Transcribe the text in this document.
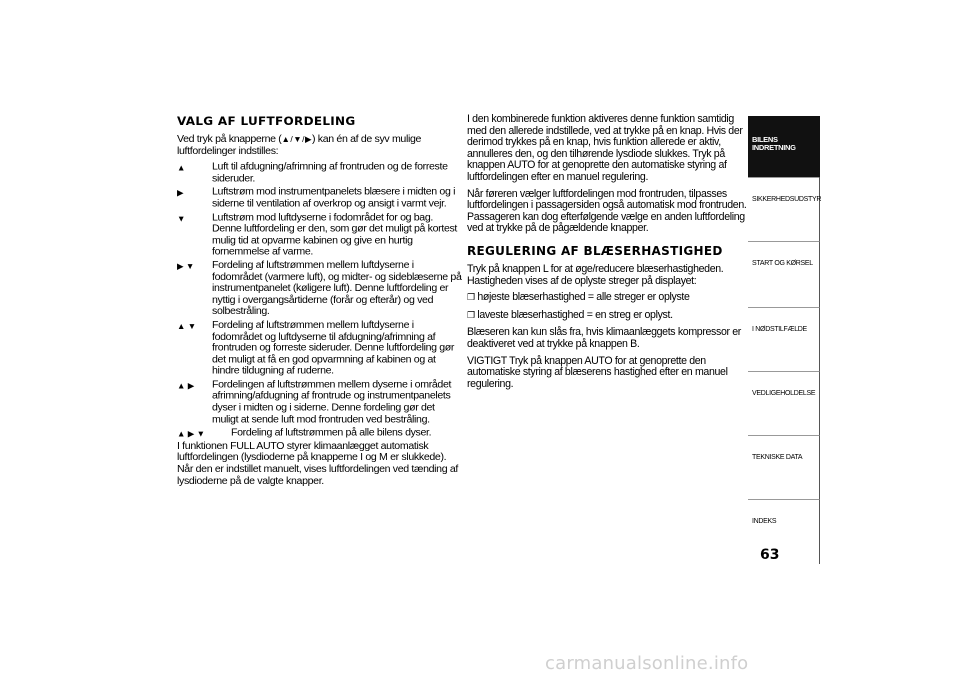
VALG AF LUFTFORDELING

Ved tryk på knapperne (▲/▼/▶) kan én af de syv mulige luftfordelinger indstilles:

▲	Luft til afdugning/afrimning af frontruden og de forreste sideruder.
▶	Luftstrøm mod instrumentpanelets blæsere i midten og i siderne til ventilation af overkrop og ansigt i varmt vejr.
▼	Luftstrøm mod luftdyserne i fodområdet for og bag. Denne luftfordeling er den, som gør det muligt på kortest mulig tid at opvarme kabinen og give en hurtig fornemmelse af varme.
▶ ▼ Fordeling af luftstrømmen mellem luftdyserne i fodområdet (varmere luft), og midter- og sideblæserne på instrumentpanelet (køligere luft). Denne luftfordeling er nyttig i overgangsårtiderne (forår og efterår) og ved solbestråling.
▲ ▼ Fordeling af luftstrømmen mellem luftdyserne i fodområdet og luftdyserne til afdugning/afrimning af frontruden og forreste sideruder. Denne luftfordeling gør det muligt at få en god opvarmning af kabinen og at hindre tildugning af ruderne.
▲ ▶ Fordelingen af luftstrømmen mellem dyserne i området afrimning/afdugning af frontrude og instrumentpanelets dyser i midten og i siderne. Denne fordeling gør det muligt at sende luft mod frontruden ved bestråling.
▲ ▶ ▼ Fordeling af luftstrømmen på alle bilens dyser.

I funktionen FULL AUTO styrer klimaanlægget automatisk luftfordelingen (lysdioderne på knapperne I og M er slukkede). Når den er indstillet manuelt, vises luftfordelingen ved tænding af lysdioderne på de valgte knapper.

I den kombinerede funktion aktiveres denne funktion samtidig med den allerede indstillede, ved at trykke på en knap. Hvis der derimod trykkes på en knap, hvis funktion allerede er aktiv, annulleres den, og den tilhørende lysdiode slukkes. Tryk på knappen AUTO for at genoprette den automatiske styring af luftfordelingen efter en manuel regulering.

Når føreren vælger luftfordelingen mod frontruden, tilpasses luftfordelingen i passagersiden også automatisk mod frontruden. Passageren kan dog efterfølgende vælge en anden luftfordeling ved at trykke på de pågældende knapper.

REGULERING AF BLÆSERHASTIGHED

Tryk på knappen L for at øge/reducere blæserhastigheden. Hastigheden vises af de oplyste streger på displayet:

❒ højeste blæserhastighed = alle streger er oplyste

❒ laveste blæserhastighed = en streg er oplyst.

Blæseren kan kun slås fra, hvis klimaanlæggets kompressor er deaktiveret ved at trykke på knappen B.

VIGTIGT Tryk på knappen AUTO for at genoprette den automatiske styring af blæserens hastighed efter en manuel regulering.

BILENS INDRETNING
SIKKERHEDSUDSTYR
START OG KØRSEL
I NØDSTILFÆLDE
VEDLIGEHOLDELSE
TEKNISKE DATA
INDEKS
63
carmanualsonline.info
